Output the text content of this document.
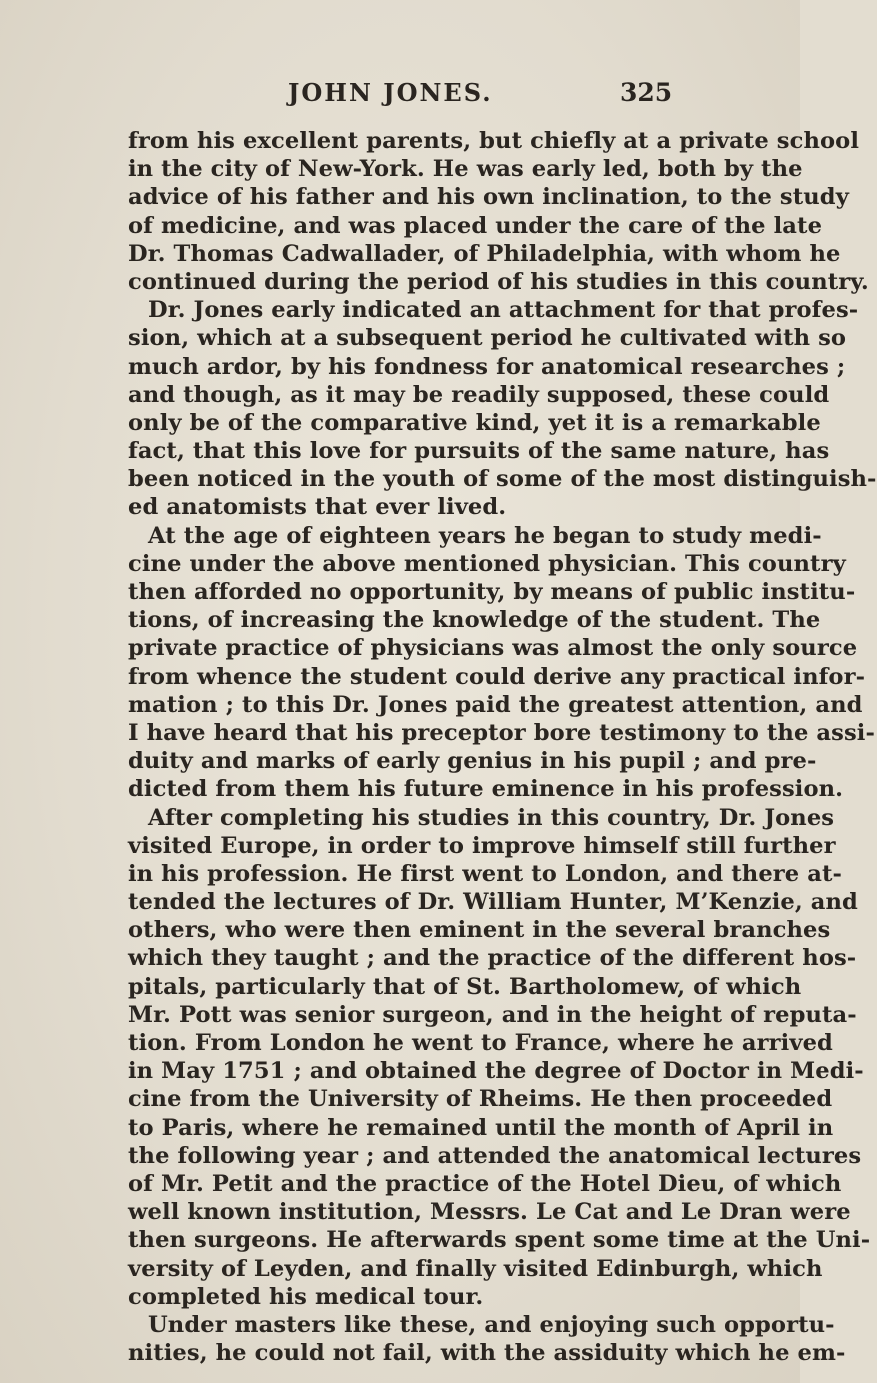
JOHN JONES.	325
from his excellent parents, but chiefly at a private school
in the city of New-York. He was early led, both by the
advice of his father and his own inclination, to the study
of medicine, and was placed under the care of the late
Dr. Thomas Cadwallader, of Philadelphia, with whom he
continued during the period of his studies in this country.
Dr. Jones early indicated an attachment for that profes-
sion, which at a subsequent period he cultivated with so
much ardor, by his fondness for anatomical researches ;
and though, as it may be readily supposed, these could
only be of the comparative kind, yet it is a remarkable
fact, that this love for pursuits of the same nature, has
been noticed in the youth of some of the most distinguish-
ed anatomists that ever lived.
At the age of eighteen years he began to study medi-
cine under the above mentioned physician. This country
then afforded no opportunity, by means of public institu-
tions, of increasing the knowledge of the student. The
private practice of physicians was almost the only source
from whence the student could derive any practical infor-
mation ; to this Dr. Jones paid the greatest attention, and
I have heard that his preceptor bore testimony to the assi-
duity and marks of early genius in his pupil ; and pre-
dicted from them his future eminence in his profession.
After completing his studies in this country, Dr. Jones
visited Europe, in order to improve himself still further
in his profession. He first went to London, and there at-
tended the lectures of Dr. William Hunter, M’Kenzie, and
others, who were then eminent in the several branches
which they taught ; and the practice of the different hos-
pitals, particularly that of St. Bartholomew, of which
Mr. Pott was senior surgeon, and in the height of reputa-
tion. From London he went to France, where he arrived
in May 1751 ; and obtained the degree of Doctor in Medi-
cine from the University of Rheims. He then proceeded
to Paris, where he remained until the month of April in
the following year ; and attended the anatomical lectures
of Mr. Petit and the practice of the Hotel Dieu, of which
well known institution, Messrs. Le Cat and Le Dran were
then surgeons. He afterwards spent some time at the Uni-
versity of Leyden, and finally visited Edinburgh, which
completed his medical tour.
Under masters like these, and enjoying such opportu-
nities, he could not fail, with the assiduity which he em-
